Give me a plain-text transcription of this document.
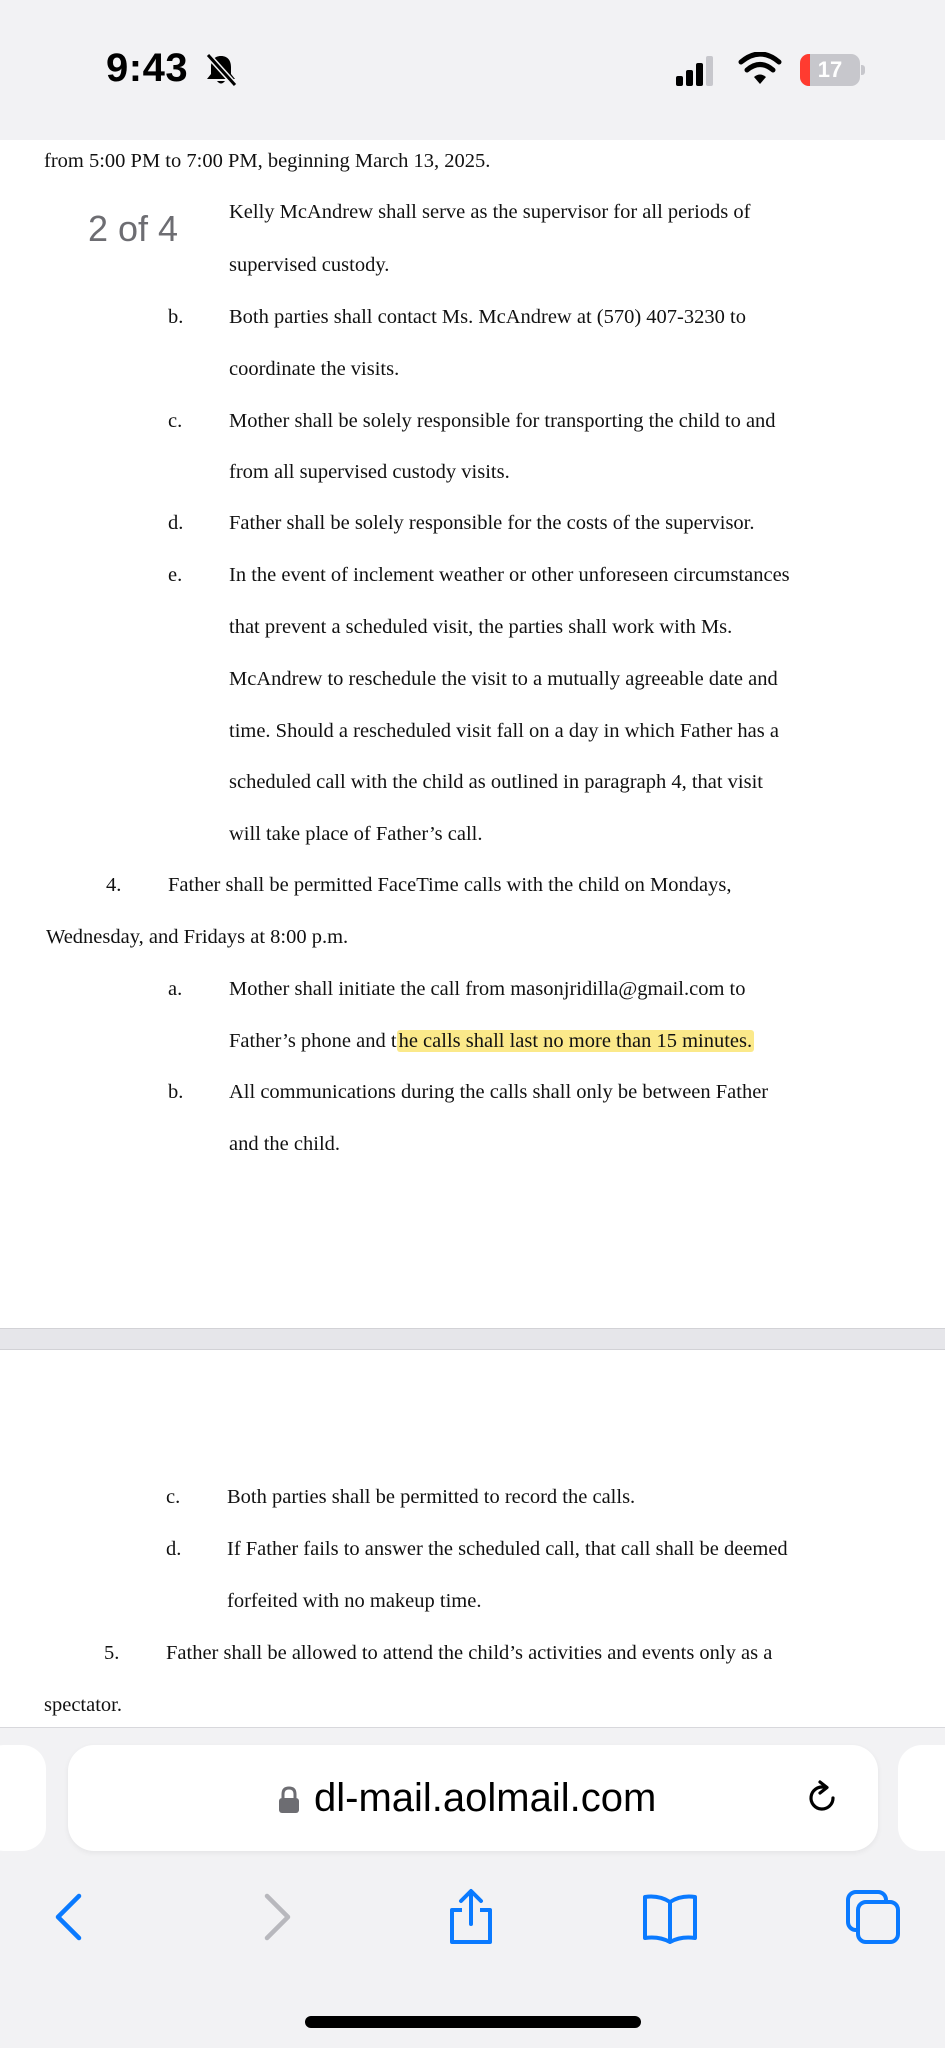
9:43	17
from 5:00 PM to 7:00 PM, beginning March 13, 2025.
Kelly McAndrew shall serve as the supervisor for all periods of
supervised custody.
b. Both parties shall contact Ms. McAndrew at (570) 407-3230 to
coordinate the visits.
c. Mother shall be solely responsible for transporting the child to and
from all supervised custody visits.
d. Father shall be solely responsible for the costs of the supervisor.
e. In the event of inclement weather or other unforeseen circumstances
that prevent a scheduled visit, the parties shall work with Ms.
McAndrew to reschedule the visit to a mutually agreeable date and
time. Should a rescheduled visit fall on a day in which Father has a
scheduled call with the child as outlined in paragraph 4, that visit
will take place of Father’s call.
4. Father shall be permitted FaceTime calls with the child on Mondays,
Wednesday, and Fridays at 8:00 p.m.
a. Mother shall initiate the call from masonjridilla@gmail.com to
Father’s phone and the calls shall last no more than 15 minutes.
b. All communications during the calls shall only be between Father
and the child.
2 of 4
c. Both parties shall be permitted to record the calls.
d. If Father fails to answer the scheduled call, that call shall be deemed
forfeited with no makeup time.
5. Father shall be allowed to attend the child’s activities and events only as a
spectator.
dl-mail.aolmail.com
